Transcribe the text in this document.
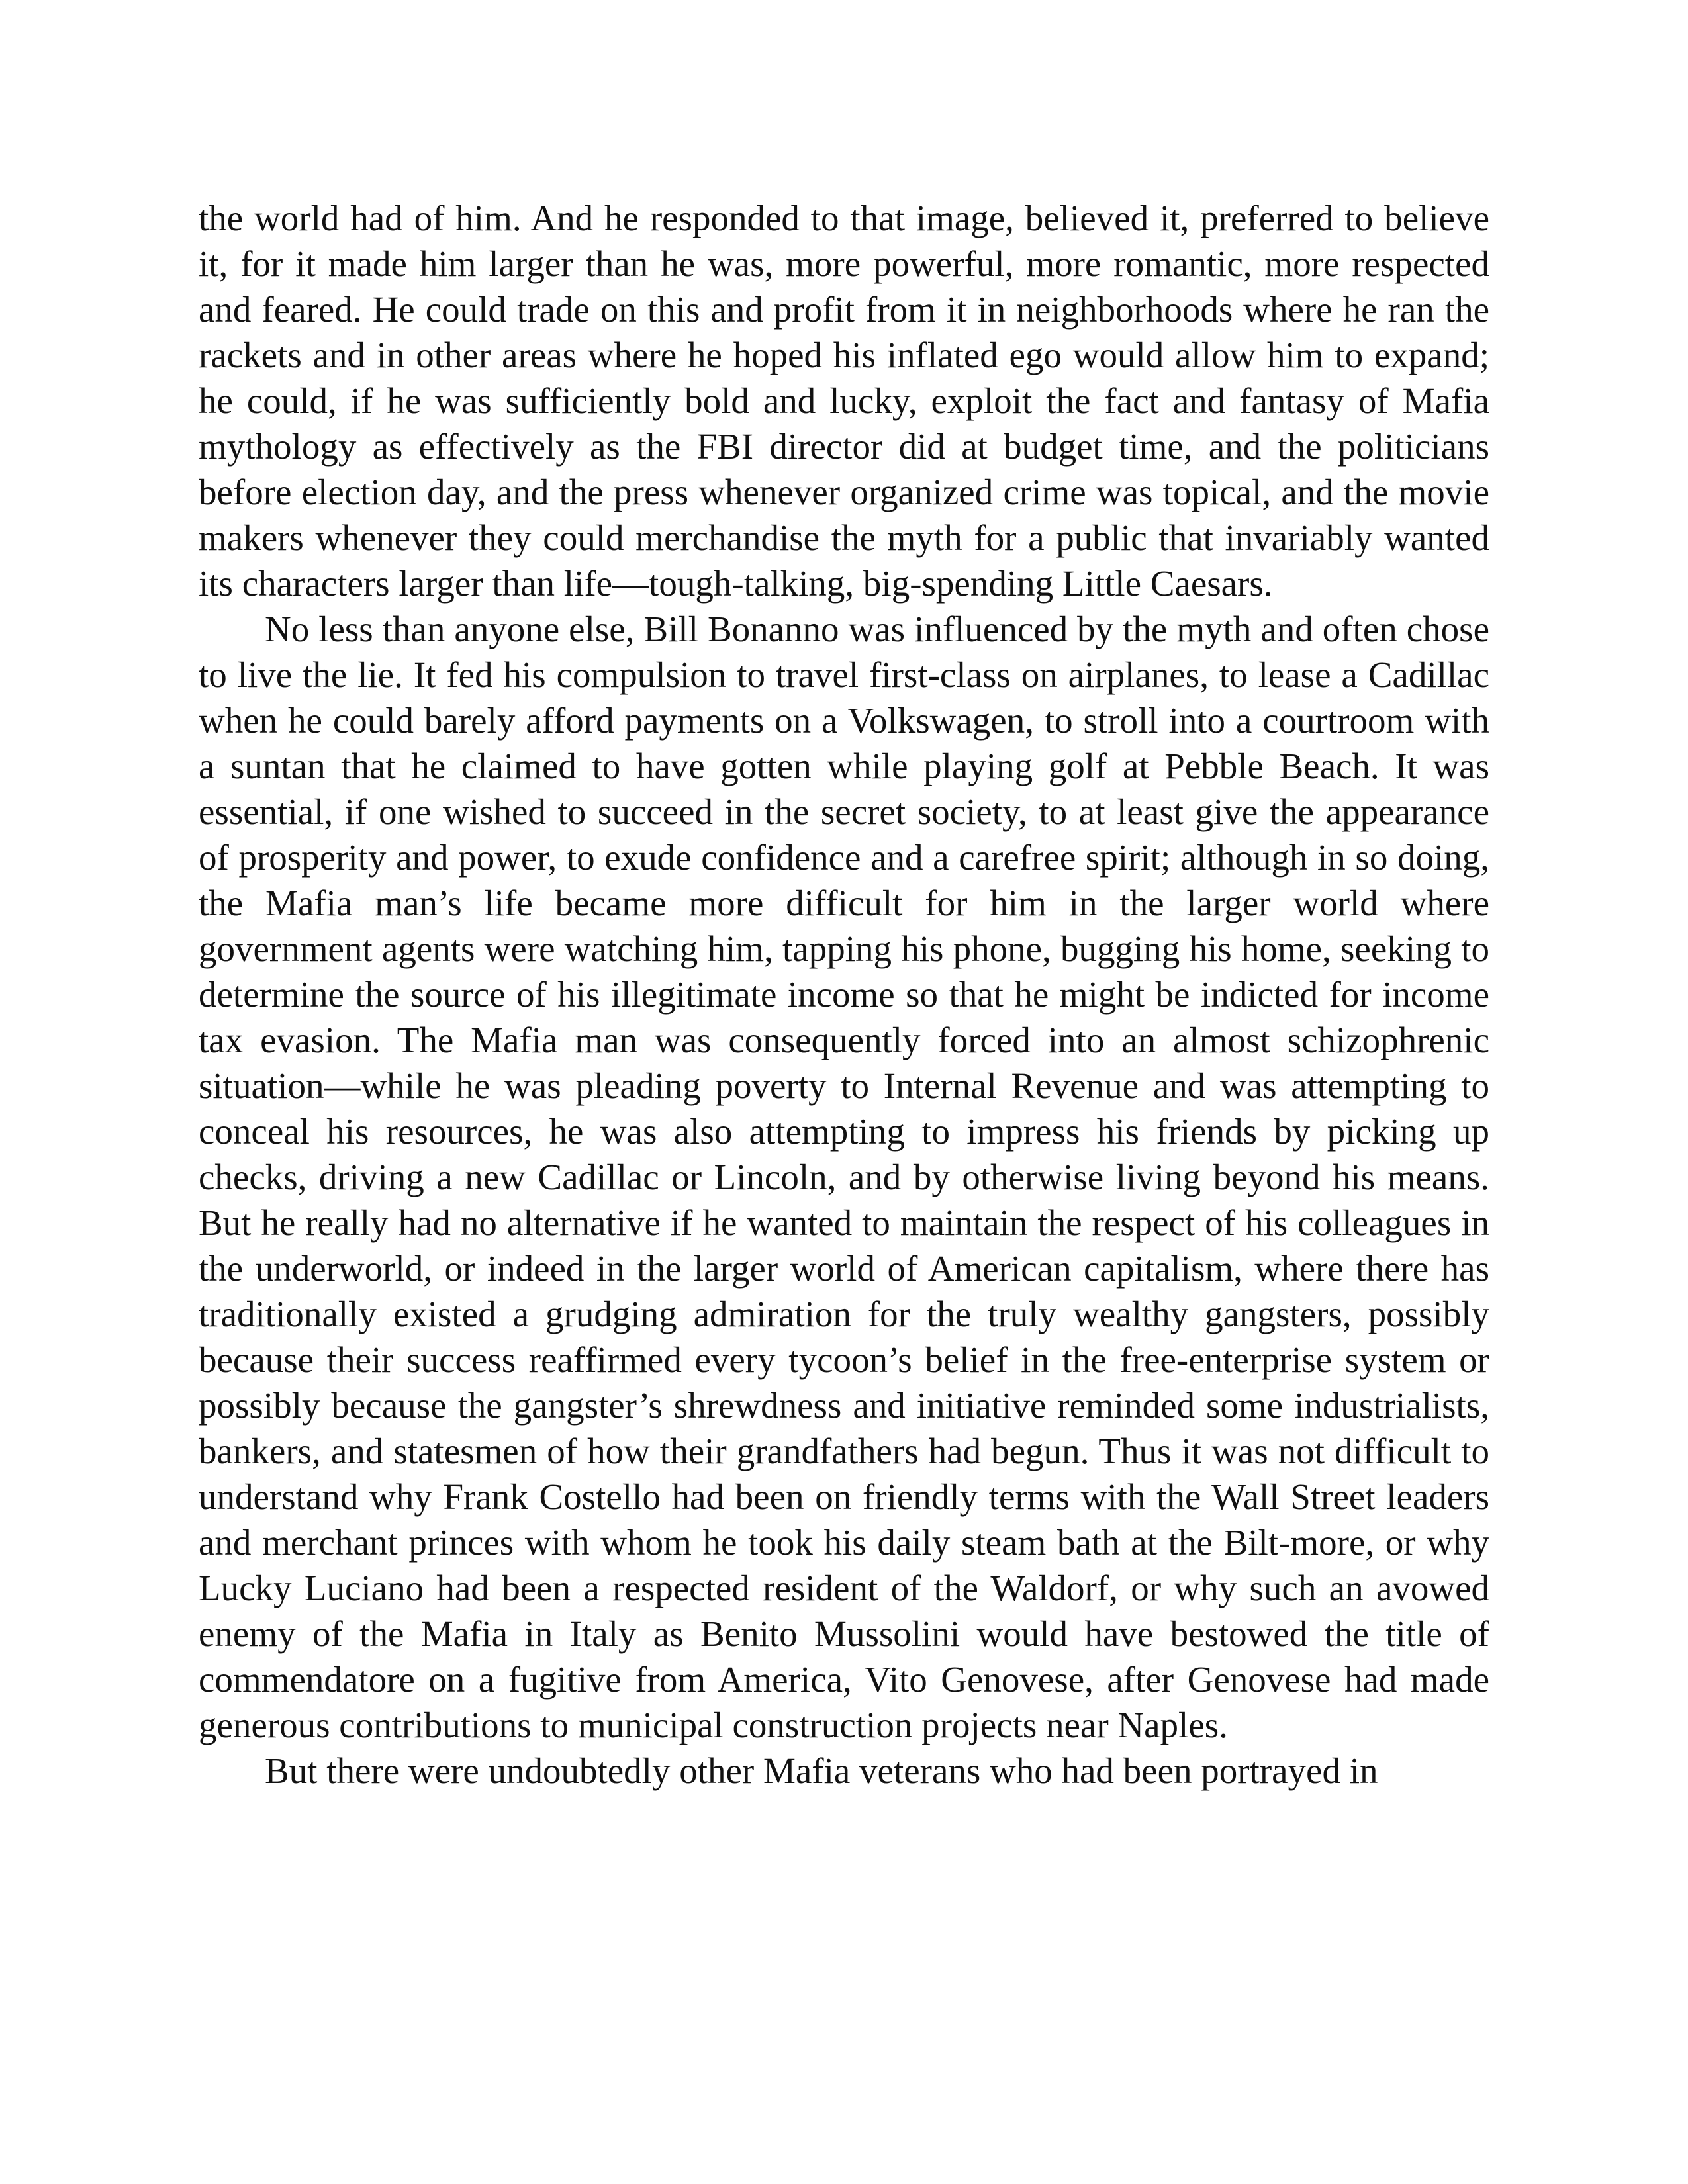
the world had of him. And he responded to that image, believed it, preferred to believe it, for it made him larger than he was, more powerful, more romantic, more respected and feared. He could trade on this and profit from it in neighborhoods where he ran the rackets and in other areas where he hoped his inflated ego would allow him to expand; he could, if he was sufficiently bold and lucky, exploit the fact and fantasy of Mafia mythology as effectively as the FBI director did at budget time, and the politicians before election day, and the press whenever organized crime was topical, and the movie makers whenever they could merchandise the myth for a public that invariably wanted its characters larger than life—tough-talking, big-spending Little Caesars.

No less than anyone else, Bill Bonanno was influenced by the myth and often chose to live the lie. It fed his compulsion to travel first-class on airplanes, to lease a Cadillac when he could barely afford payments on a Volkswagen, to stroll into a courtroom with a suntan that he claimed to have gotten while playing golf at Pebble Beach. It was essential, if one wished to succeed in the secret society, to at least give the appearance of prosperity and power, to exude confidence and a carefree spirit; although in so doing, the Mafia man’s life became more difficult for him in the larger world where government agents were watching him, tapping his phone, bugging his home, seeking to determine the source of his illegitimate income so that he might be indicted for income tax evasion. The Mafia man was consequently forced into an almost schizophrenic situation—while he was pleading poverty to Internal Revenue and was attempting to conceal his resources, he was also attempting to impress his friends by picking up checks, driving a new Cadillac or Lincoln, and by otherwise living beyond his means. But he really had no alternative if he wanted to maintain the respect of his colleagues in the underworld, or indeed in the larger world of American capitalism, where there has traditionally existed a grudging admiration for the truly wealthy gangsters, possibly because their success reaffirmed every tycoon’s belief in the free-enterprise system or possibly because the gangster’s shrewdness and initiative reminded some industrialists, bankers, and statesmen of how their grandfathers had begun. Thus it was not difficult to understand why Frank Costello had been on friendly terms with the Wall Street leaders and merchant princes with whom he took his daily steam bath at the Bilt-more, or why Lucky Luciano had been a respected resident of the Waldorf, or why such an avowed enemy of the Mafia in Italy as Benito Mussolini would have bestowed the title of commendatore on a fugitive from America, Vito Genovese, after Genovese had made generous contributions to municipal construction projects near Naples.

But there were undoubtedly other Mafia veterans who had been portrayed in
